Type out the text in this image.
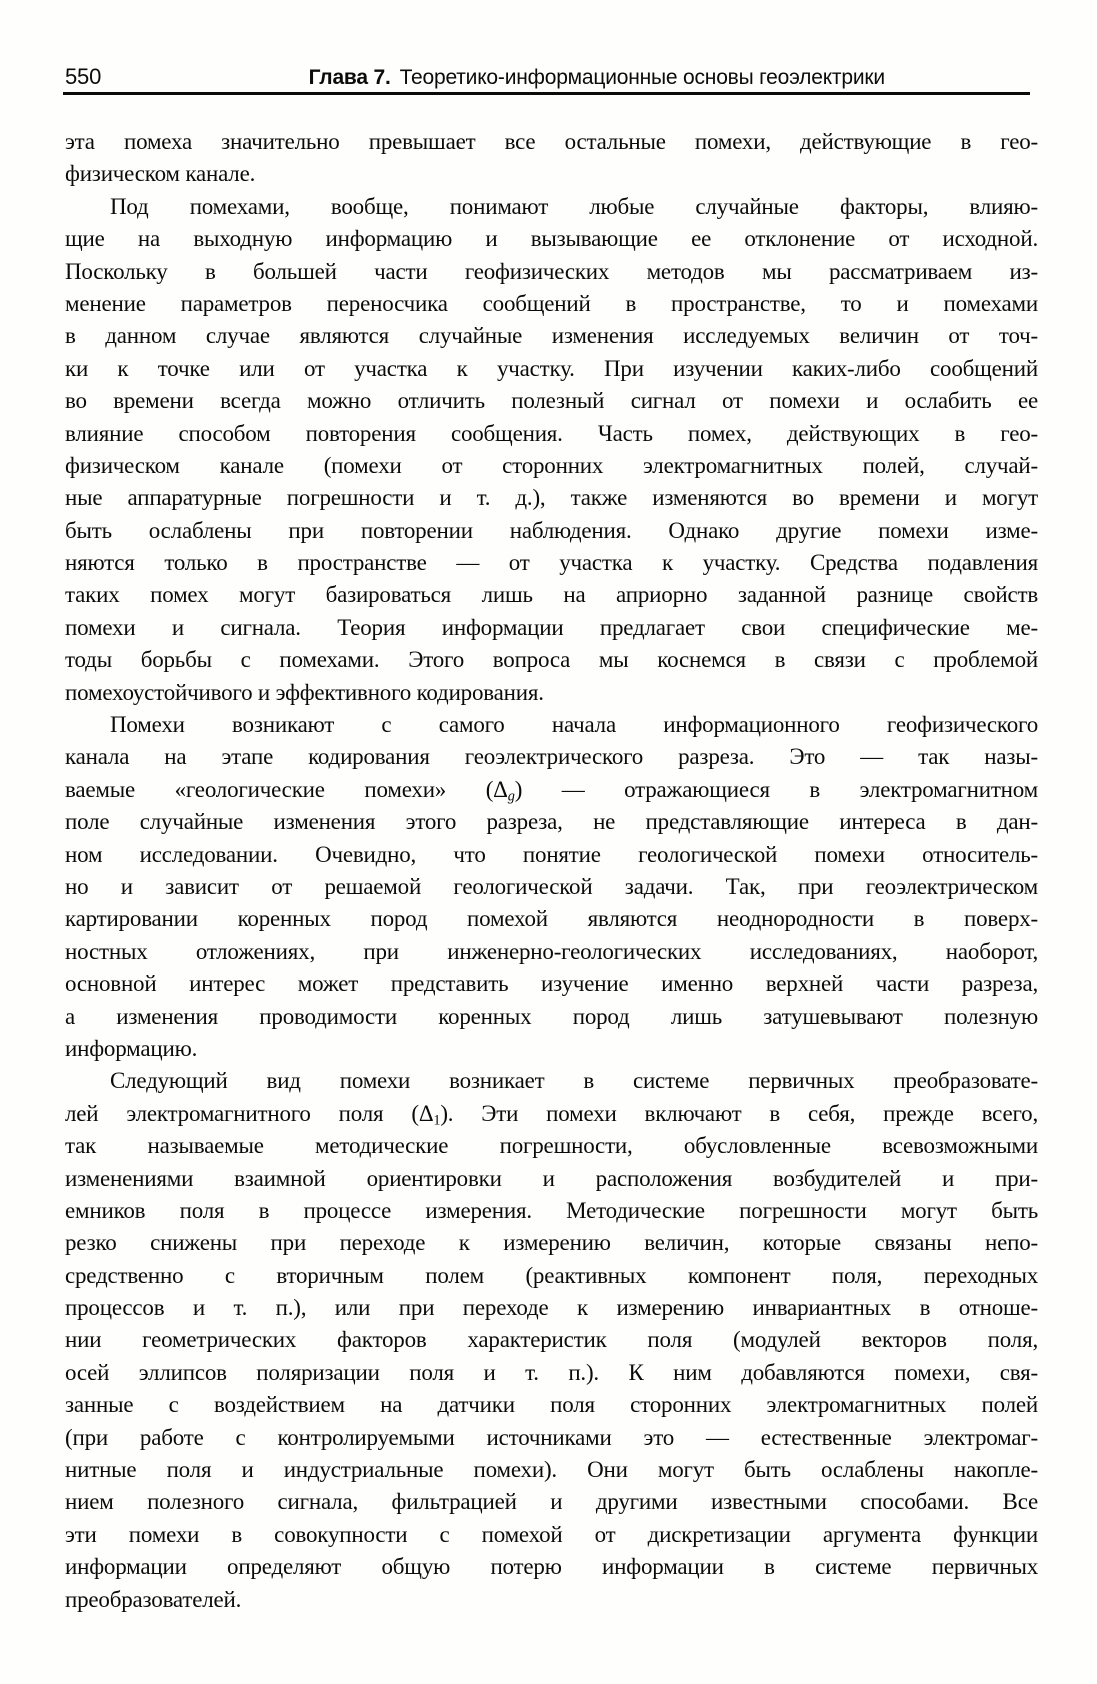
550	Глава 7. Теоретико-информационные основы геоэлектрики
эта помеха значительно превышает все остальные помехи, действующие в гео-
физическом канале.
Под помехами, вообще, понимают любые случайные факторы, влияю-
щие на выходную информацию и вызывающие ее отклонение от исходной.
Поскольку в большей части геофизических методов мы рассматриваем из-
менение параметров переносчика сообщений в пространстве, то и помехами
в данном случае являются случайные изменения исследуемых величин от точ-
ки к точке или от участка к участку. При изучении каких-либо сообщений
во времени всегда можно отличить полезный сигнал от помехи и ослабить ее
влияние способом повторения сообщения. Часть помех, действующих в гео-
физическом канале (помехи от сторонних электромагнитных полей, случай-
ные аппаратурные погрешности и т. д.), также изменяются во времени и могут
быть ослаблены при повторении наблюдения. Однако другие помехи изме-
няются только в пространстве — от участка к участку. Средства подавления
таких помех могут базироваться лишь на априорно заданной разнице свойств
помехи и сигнала. Теория информации предлагает свои специфические ме-
тоды борьбы с помехами. Этого вопроса мы коснемся в связи с проблемой
помехоустойчивого и эффективного кодирования.
Помехи возникают с самого начала информационного геофизического
канала на этапе кодирования геоэлектрического разреза. Это — так назы-
ваемые «геологические помехи» $(\Delta_g)$ — отражающиеся в электромагнитном
поле случайные изменения этого разреза, не представляющие интереса в дан-
ном исследовании. Очевидно, что понятие геологической помехи относитель-
но и зависит от решаемой геологической задачи. Так, при геоэлектрическом
картировании коренных пород помехой являются неоднородности в поверх-
ностных отложениях, при инженерно-геологических исследованиях, наоборот,
основной интерес может представить изучение именно верхней части разреза,
а изменения проводимости коренных пород лишь затушевывают полезную
информацию.
Следующий вид помехи возникает в системе первичных преобразовате-
лей электромагнитного поля $(\Delta_1)$. Эти помехи включают в себя, прежде всего,
так называемые методические погрешности, обусловленные всевозможными
изменениями взаимной ориентировки и расположения возбудителей и при-
емников поля в процессе измерения. Методические погрешности могут быть
резко снижены при переходе к измерению величин, которые связаны непо-
средственно с вторичным полем (реактивных компонент поля, переходных
процессов и т. п.), или при переходе к измерению инвариантных в отноше-
нии геометрических факторов характеристик поля (модулей векторов поля,
осей эллипсов поляризации поля и т. п.). К ним добавляются помехи, свя-
занные с воздействием на датчики поля сторонних электромагнитных полей
(при работе с контролируемыми источниками это — естественные электромаг-
нитные поля и индустриальные помехи). Они могут быть ослаблены накопле-
нием полезного сигнала, фильтрацией и другими известными способами. Все
эти помехи в совокупности с помехой от дискретизации аргумента функции
информации определяют общую потерю информации в системе первичных
преобразователей.
